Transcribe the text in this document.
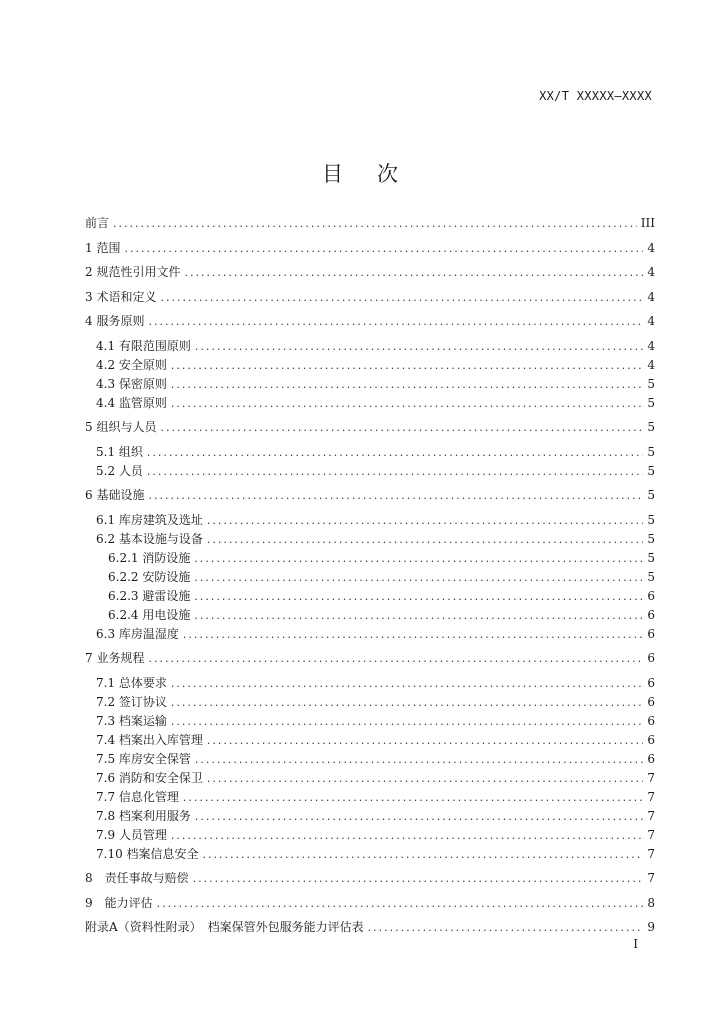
XX/T XXXXX—XXXX
目次
前言 .....	III
1 范围 .....	4
2 规范性引用文件 .....	4
3 术语和定义 .....	4
4 服务原则 .....	4
4.1 有限范围原则 .....	4
4.2 安全原则 .....	4
4.3 保密原则 .....	5
4.4 监管原则 .....	5
5 组织与人员 .....	5
5.1 组织 .....	5
5.2 人员 .....	5
6 基础设施 .....	5
6.1 库房建筑及选址 .....	5
6.2 基本设施与设备 .....	5
6.2.1 消防设施 .....	5
6.2.2 安防设施 .....	5
6.2.3 避雷设施 .....	6
6.2.4 用电设施 .....	6
6.3 库房温湿度 .....	6
7 业务规程 .....	6
7.1 总体要求 .....	6
7.2 签订协议 .....	6
7.3 档案运输 .....	6
7.4 档案出入库管理 .....	6
7.5 库房安全保管 .....	6
7.6 消防和安全保卫 .....	7
7.7 信息化管理 .....	7
7.8 档案利用服务 .....	7
7.9 人员管理 .....	7
7.10 档案信息安全 .....	7
8　责任事故与赔偿 .....	7
9　能力评估 .....	8
附录A（资料性附录）　档案保管外包服务能力评估表 .....	9
I
